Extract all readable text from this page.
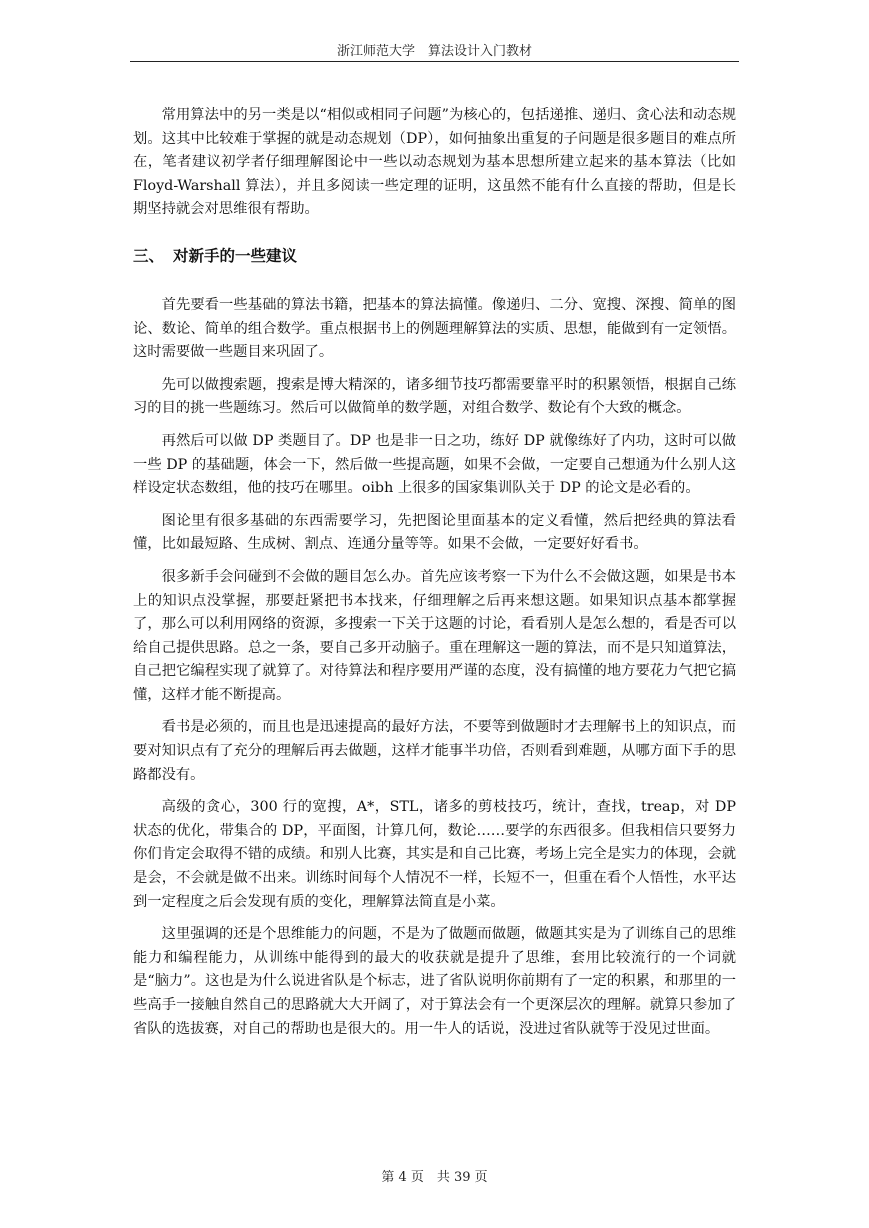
浙江师范大学　算法设计入门教材

常用算法中的另一类是以“相似或相同子问题”为核心的，包括递推、递归、贪心法和动态规划。这其中比较难于掌握的就是动态规划（DP），如何抽象出重复的子问题是很多题目的难点所在，笔者建议初学者仔细理解图论中一些以动态规划为基本思想所建立起来的基本算法（比如 Floyd-Warshall 算法），并且多阅读一些定理的证明，这虽然不能有什么直接的帮助，但是长期坚持就会对思维很有帮助。

三、 对新手的一些建议

首先要看一些基础的算法书籍，把基本的算法搞懂。像递归、二分、宽搜、深搜、简单的图论、数论、简单的组合数学。重点根据书上的例题理解算法的实质、思想，能做到有一定领悟。这时需要做一些题目来巩固了。

先可以做搜索题，搜索是博大精深的，诸多细节技巧都需要靠平时的积累领悟，根据自己练习的目的挑一些题练习。然后可以做简单的数学题，对组合数学、数论有个大致的概念。

再然后可以做 DP 类题目了。DP 也是非一日之功，练好 DP 就像练好了内功，这时可以做一些 DP 的基础题，体会一下，然后做一些提高题，如果不会做，一定要自己想通为什么别人这样设定状态数组，他的技巧在哪里。oibh 上很多的国家集训队关于 DP 的论文是必看的。

图论里有很多基础的东西需要学习，先把图论里面基本的定义看懂，然后把经典的算法看懂，比如最短路、生成树、割点、连通分量等等。如果不会做，一定要好好看书。

很多新手会问碰到不会做的题目怎么办。首先应该考察一下为什么不会做这题，如果是书本上的知识点没掌握，那要赶紧把书本找来，仔细理解之后再来想这题。如果知识点基本都掌握了，那么可以利用网络的资源，多搜索一下关于这题的讨论，看看别人是怎么想的，看是否可以给自己提供思路。总之一条，要自己多开动脑子。重在理解这一题的算法，而不是只知道算法，自己把它编程实现了就算了。对待算法和程序要用严谨的态度，没有搞懂的地方要花力气把它搞懂，这样才能不断提高。

看书是必须的，而且也是迅速提高的最好方法，不要等到做题时才去理解书上的知识点，而要对知识点有了充分的理解后再去做题，这样才能事半功倍，否则看到难题，从哪方面下手的思路都没有。

高级的贪心，300 行的宽搜，A*，STL，诸多的剪枝技巧，统计，查找，treap，对 DP 状态的优化，带集合的 DP，平面图，计算几何，数论……要学的东西很多。但我相信只要努力你们肯定会取得不错的成绩。和别人比赛，其实是和自己比赛，考场上完全是实力的体现，会就是会，不会就是做不出来。训练时间每个人情况不一样，长短不一，但重在看个人悟性，水平达到一定程度之后会发现有质的变化，理解算法简直是小菜。

这里强调的还是个思维能力的问题，不是为了做题而做题，做题其实是为了训练自己的思维能力和编程能力，从训练中能得到的最大的收获就是提升了思维，套用比较流行的一个词就是“脑力”。这也是为什么说进省队是个标志，进了省队说明你前期有了一定的积累，和那里的一些高手一接触自然自己的思路就大大开阔了，对于算法会有一个更深层次的理解。就算只参加了省队的选拔赛，对自己的帮助也是很大的。用一牛人的话说，没进过省队就等于没见过世面。

第 4 页　共 39 页
